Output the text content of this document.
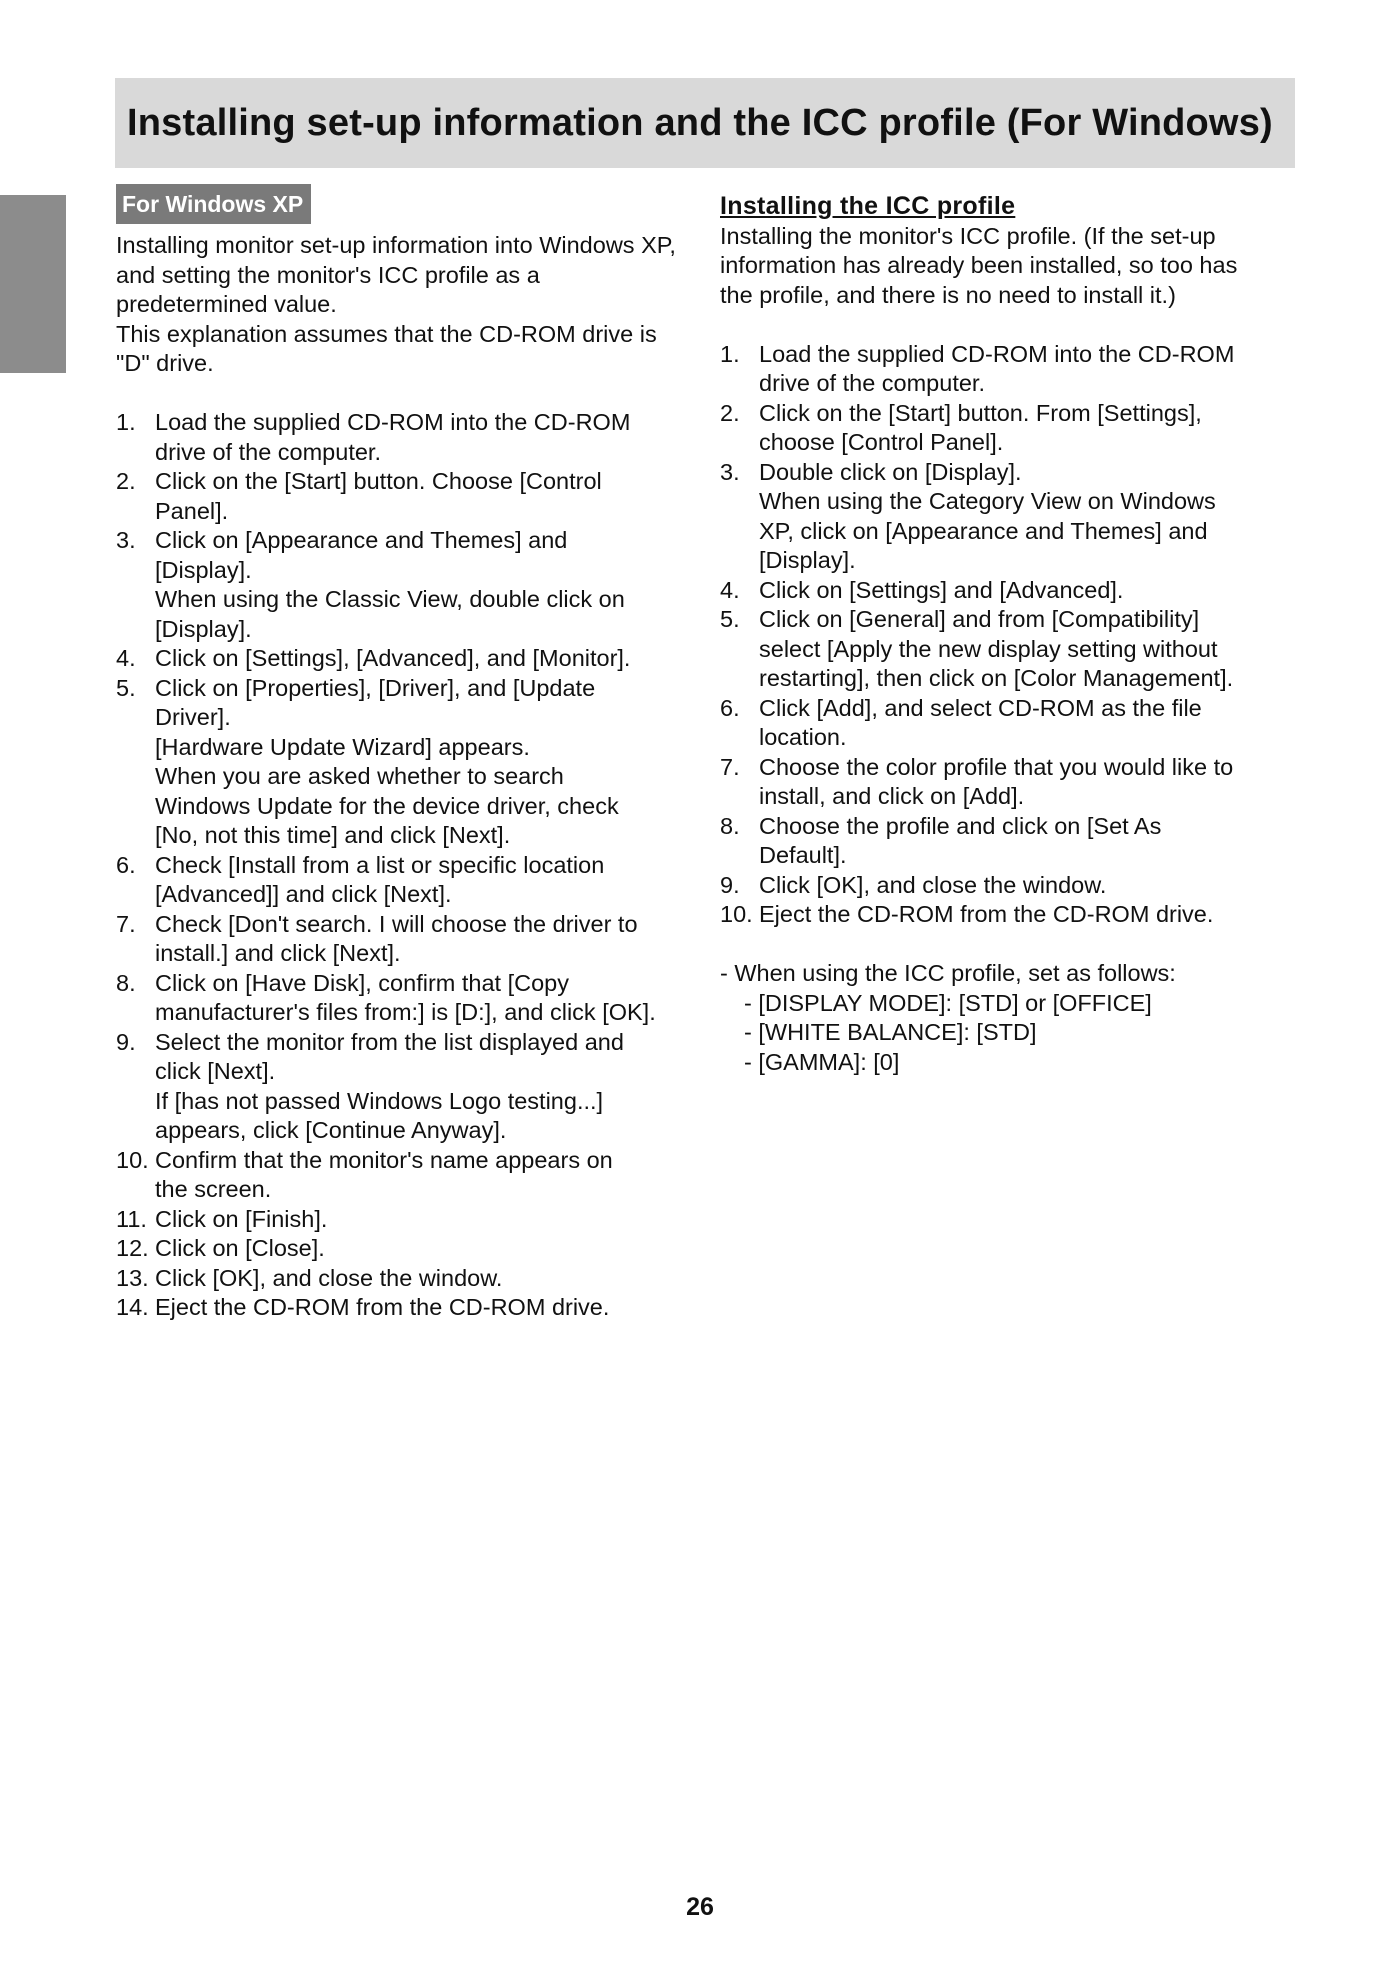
Installing set-up information and the ICC profile (For Windows)
For Windows XP

Installing monitor set-up information into Windows XP, and setting the monitor's ICC profile as a predetermined value.

This explanation assumes that the CD-ROM drive is "D" drive.

1. Load the supplied CD-ROM into the CD-ROM
drive of the computer.
2. Click on the [Start] button. Choose [Control
Panel].
3. Click on [Appearance and Themes] and
[Display].
When using the Classic View, double click on
[Display].
4. Click on [Settings], [Advanced], and [Monitor].
5. Click on [Properties], [Driver], and [Update
Driver].
[Hardware Update Wizard] appears.
When you are asked whether to search
Windows Update for the device driver, check
[No, not this time] and click [Next].
6. Check [Install from a list or specific location
[Advanced]] and click [Next].
7. Check [Don't search. I will choose the driver to
install.] and click [Next].
8. Click on [Have Disk], confirm that [Copy
manufacturer's files from:] is [D:], and click [OK].
9. Select the monitor from the list displayed and
click [Next].
If [has not passed Windows Logo testing...]
appears, click [Continue Anyway].
10. Confirm that the monitor's name appears on
the screen.
11. Click on [Finish].
12. Click on [Close].
13. Click [OK], and close the window.
14. Eject the CD-ROM from the CD-ROM drive.
Installing the ICC profile

Installing the monitor's ICC profile. (If the set-up

information has already been installed, so too has

the profile, and there is no need to install it.)

1. Load the supplied CD-ROM into the CD-ROM
drive of the computer.
2. Click on the [Start] button. From [Settings],
choose [Control Panel].
3. Double click on [Display].
When using the Category View on Windows
XP, click on [Appearance and Themes] and
[Display].
4. Click on [Settings] and [Advanced].
5. Click on [General] and from [Compatibility]
select [Apply the new display setting without
restarting], then click on [Color Management].
6. Click [Add], and select CD-ROM as the file
location.
7. Choose the color profile that you would like to
install, and click on [Add].
8. Choose the profile and click on [Set As
Default].
9. Click [OK], and close the window.
10. Eject the CD-ROM from the CD-ROM drive.

- When using the ICC profile, set as follows:

- [DISPLAY MODE]: [STD] or [OFFICE]

- [WHITE BALANCE]: [STD]

- [GAMMA]: [0]

26
